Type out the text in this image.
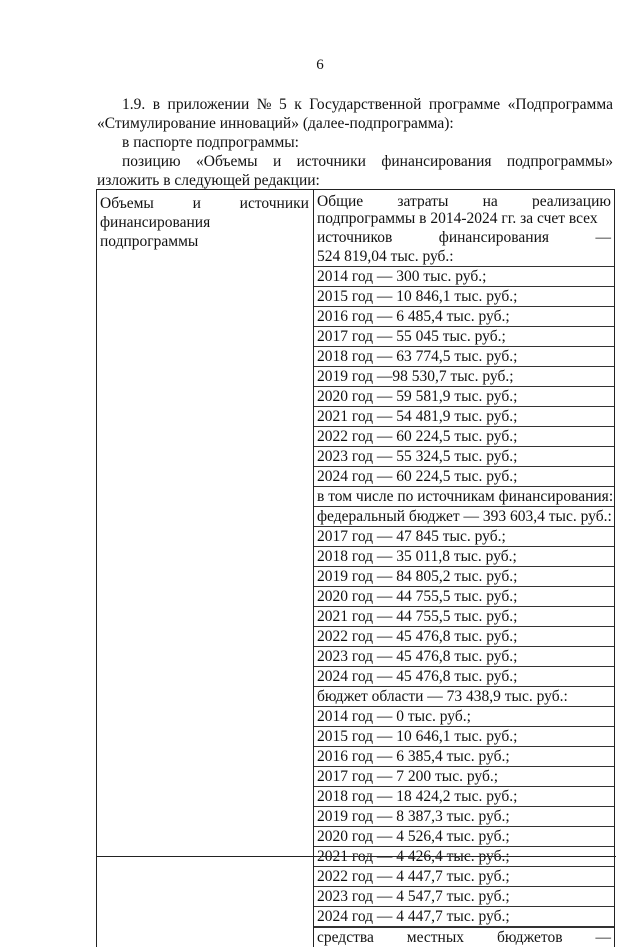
6
1.9. в приложении № 5 к Государственной программе «Подпрограмма
«Стимулирование инноваций» (далее-подпрограмма):
в паспорте подпрограммы:
позицию «Объемы и источники финансирования подпрограммы»
изложить в следующей редакции:
Объемы	и	источники
финансирования подпрограммы

Общие затраты на реализацию
подпрограммы в 2014-2024 гг. за счет всех
источников	финансирования	—
524 819,04 тыс. руб.:
2014 год — 300 тыс. руб.;
2015 год — 10 846,1 тыс. руб.;
2016 год — 6 485,4 тыс. руб.;
2017 год — 55 045 тыс. руб.;
2018 год — 63 774,5 тыс. руб.;
2019 год —98 530,7 тыс. руб.;
2020 год — 59 581,9 тыс. руб.;
2021 год — 54 481,9 тыс. руб.;
2022 год — 60 224,5 тыс. руб.;
2023 год — 55 324,5 тыс. руб.;
2024 год — 60 224,5 тыс. руб.;
в том числе по источникам финансирования:
федеральный бюджет — 393 603,4 тыс. руб.:
2017 год — 47 845 тыс. руб.;
2018 год — 35 011,8 тыс. руб.;
2019 год — 84 805,2 тыс. руб.;
2020 год — 44 755,5 тыс. руб.;
2021 год — 44 755,5 тыс. руб.;
2022 год — 45 476,8 тыс. руб.;
2023 год — 45 476,8 тыс. руб.;
2024 год — 45 476,8 тыс. руб.;
бюджет области — 73 438,9 тыс. руб.:
2014 год — 0 тыс. руб.;
2015 год — 10 646,1 тыс. руб.;
2016 год — 6 385,4 тыс. руб.;
2017 год — 7 200 тыс. руб.;
2018 год — 18 424,2 тыс. руб.;
2019 год — 8 387,3 тыс. руб.;
2020 год — 4 526,4 тыс. руб.;
2021 год — 4 426,4 тыс. руб.;
2022 год — 4 447,7 тыс. руб.;
2023 год — 4 547,7 тыс. руб.;
2024 год — 4 447,7 тыс. руб.;
средства местных бюджетов —
